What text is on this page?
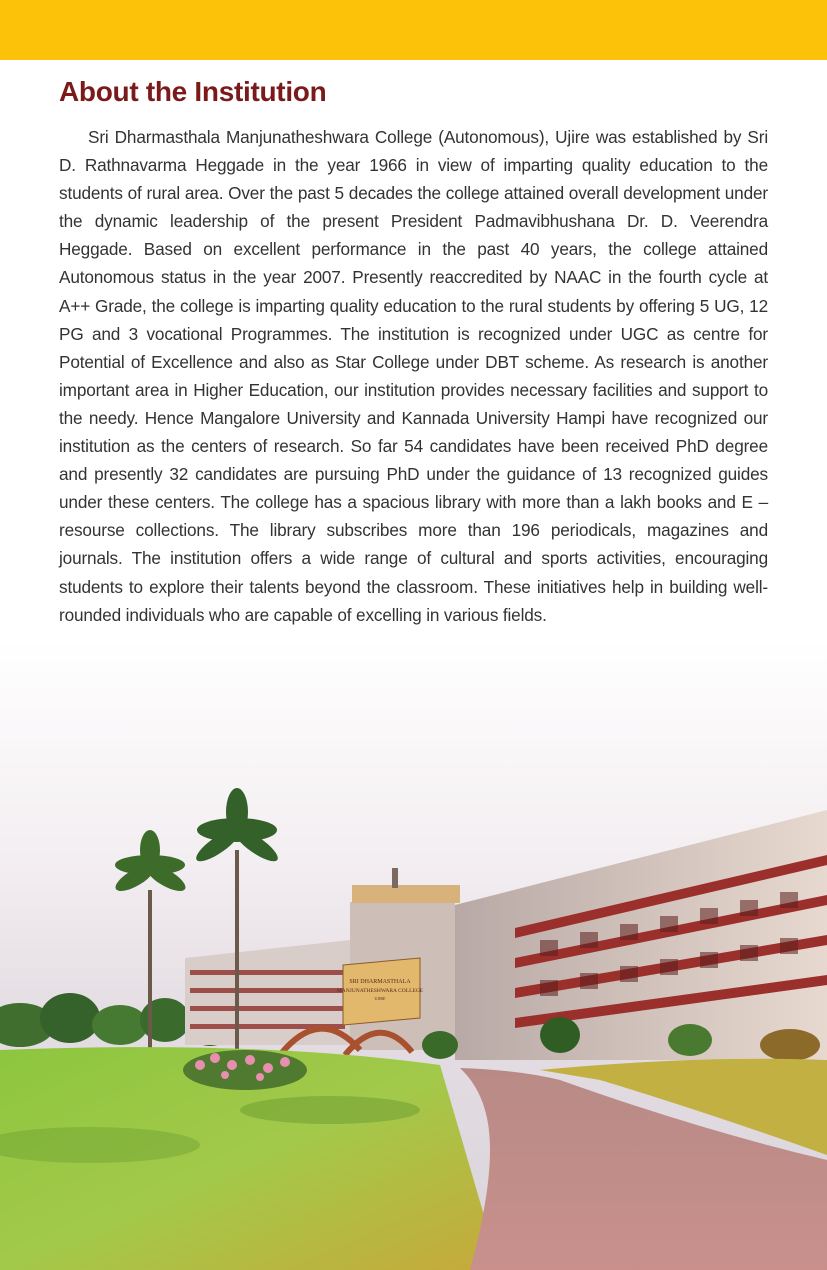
About the Institution

Sri Dharmasthala Manjunatheshwara College (Autonomous), Ujire was established by Sri D. Rathnavarma Heggade in the year 1966 in view of imparting quality education to the students of rural area. Over the past 5 decades the college attained overall development under the dynamic leadership of the present President Padmavibhushana Dr. D. Veerendra Heggade. Based on excellent performance in the past 40 years, the college attained Autonomous status in the year 2007. Presently reaccredited by NAAC in the fourth cycle at A++ Grade, the college is imparting quality education to the rural students by offering 5 UG, 12 PG and 3 vocational Programmes. The institution is recognized under UGC as centre for Potential of Excellence and also as Star College under DBT scheme. As research is another important area in Higher Education, our institution provides necessary facilities and support to the needy. Hence Mangalore University and Kannada University Hampi have recognized our institution as the centers of research. So far 54 candidates have been received PhD degree and presently 32 candidates are pursuing PhD under the guidance of 13 recognized guides under these centers. The college has a spacious library with more than a lakh books and E – resourse collections. The library subscribes more than 196 periodicals, magazines and journals. The institution offers a wide range of cultural and sports activities, encouraging students to explore their talents beyond the classroom. These initiatives help in building well-rounded individuals who are capable of excelling in various fields.

SRI DHARMASTHALA
MANJUNATHESHWARA COLLEGE
UJIRE
